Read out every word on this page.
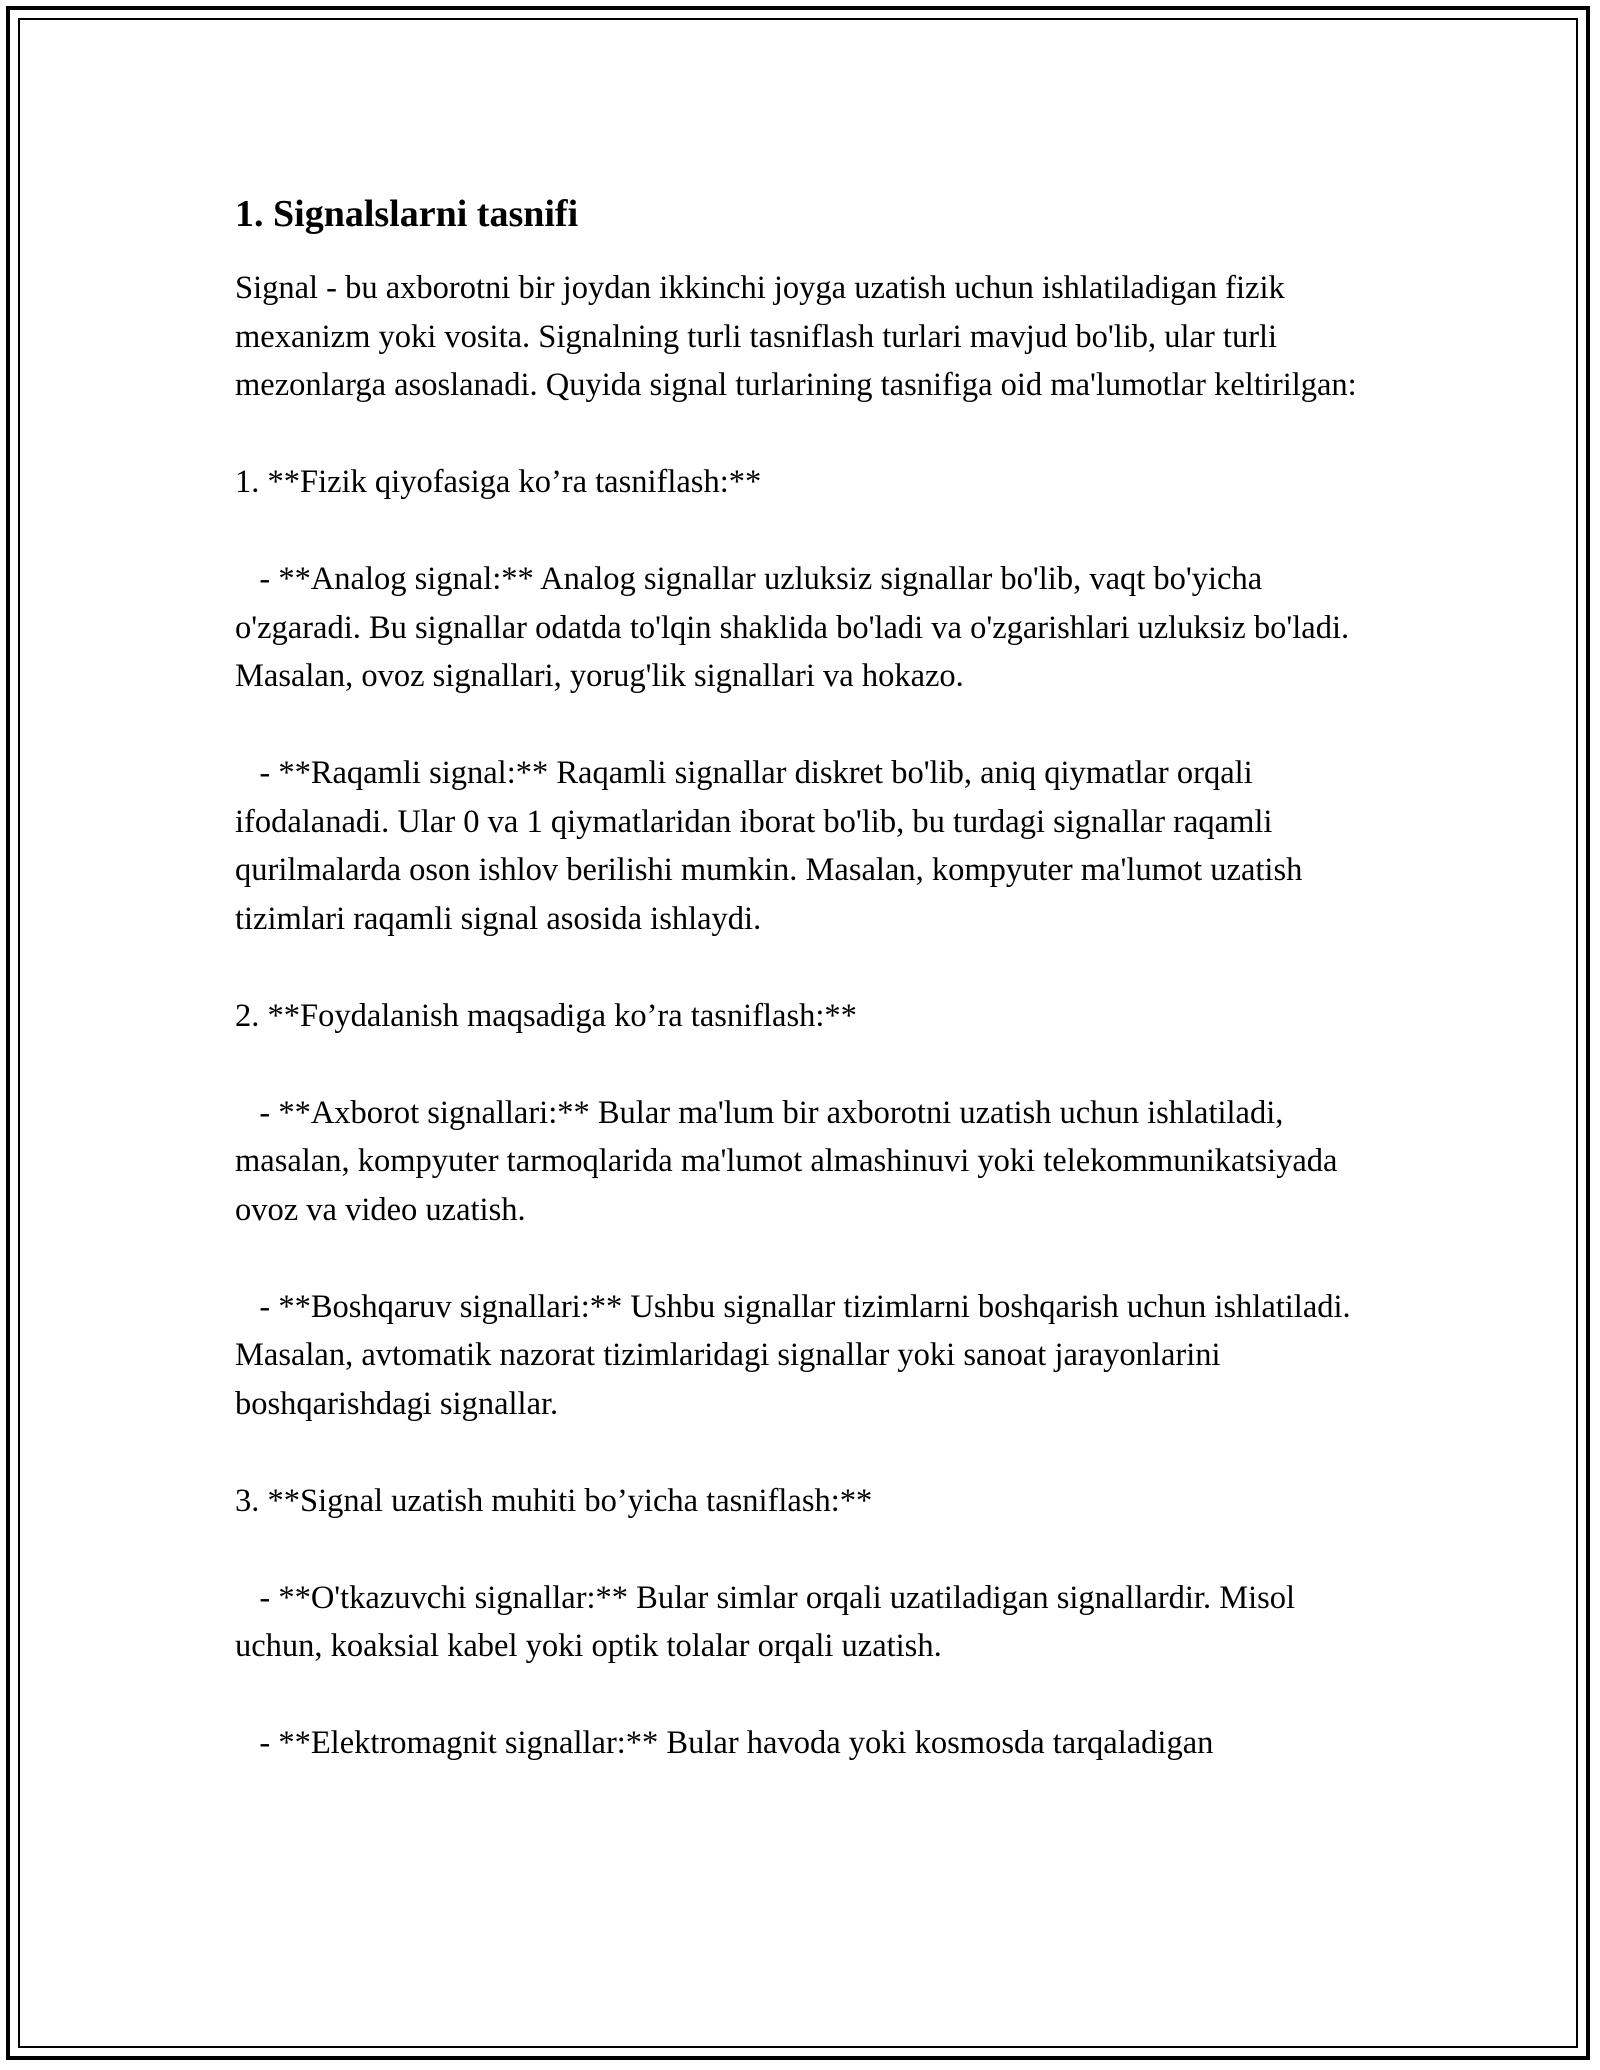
1. Signalslarni tasnifi

Signal - bu axborotni bir joydan ikkinchi joyga uzatish uchun ishlatiladigan fizik mexanizm yoki vosita. Signalning turli tasniflash turlari mavjud bo'lib, ular turli mezonlarga asoslanadi. Quyida signal turlarining tasnifiga oid ma'lumotlar keltirilgan:

1. **Fizik qiyofasiga ko’ra tasniflash:**

- **Analog signal:** Analog signallar uzluksiz signallar bo'lib, vaqt bo'yicha o'zgaradi. Bu signallar odatda to'lqin shaklida bo'ladi va o'zgarishlari uzluksiz bo'ladi. Masalan, ovoz signallari, yorug'lik signallari va hokazo.

- **Raqamli signal:** Raqamli signallar diskret bo'lib, aniq qiymatlar orqali ifodalanadi. Ular 0 va 1 qiymatlaridan iborat bo'lib, bu turdagi signallar raqamli qurilmalarda oson ishlov berilishi mumkin. Masalan, kompyuter ma'lumot uzatish tizimlari raqamli signal asosida ishlaydi.

2. **Foydalanish maqsadiga ko’ra tasniflash:**

- **Axborot signallari:** Bular ma'lum bir axborotni uzatish uchun ishlatiladi, masalan, kompyuter tarmoqlarida ma'lumot almashinuvi yoki telekommunikatsiyada ovoz va video uzatish.

- **Boshqaruv signallari:** Ushbu signallar tizimlarni boshqarish uchun ishlatiladi. Masalan, avtomatik nazorat tizimlaridagi signallar yoki sanoat jarayonlarini boshqarishdagi signallar.

3. **Signal uzatish muhiti bo’yicha tasniflash:**

- **O'tkazuvchi signallar:** Bular simlar orqali uzatiladigan signallardir. Misol uchun, koaksial kabel yoki optik tolalar orqali uzatish.

- **Elektromagnit signallar:** Bular havoda yoki kosmosda tarqaladigan
